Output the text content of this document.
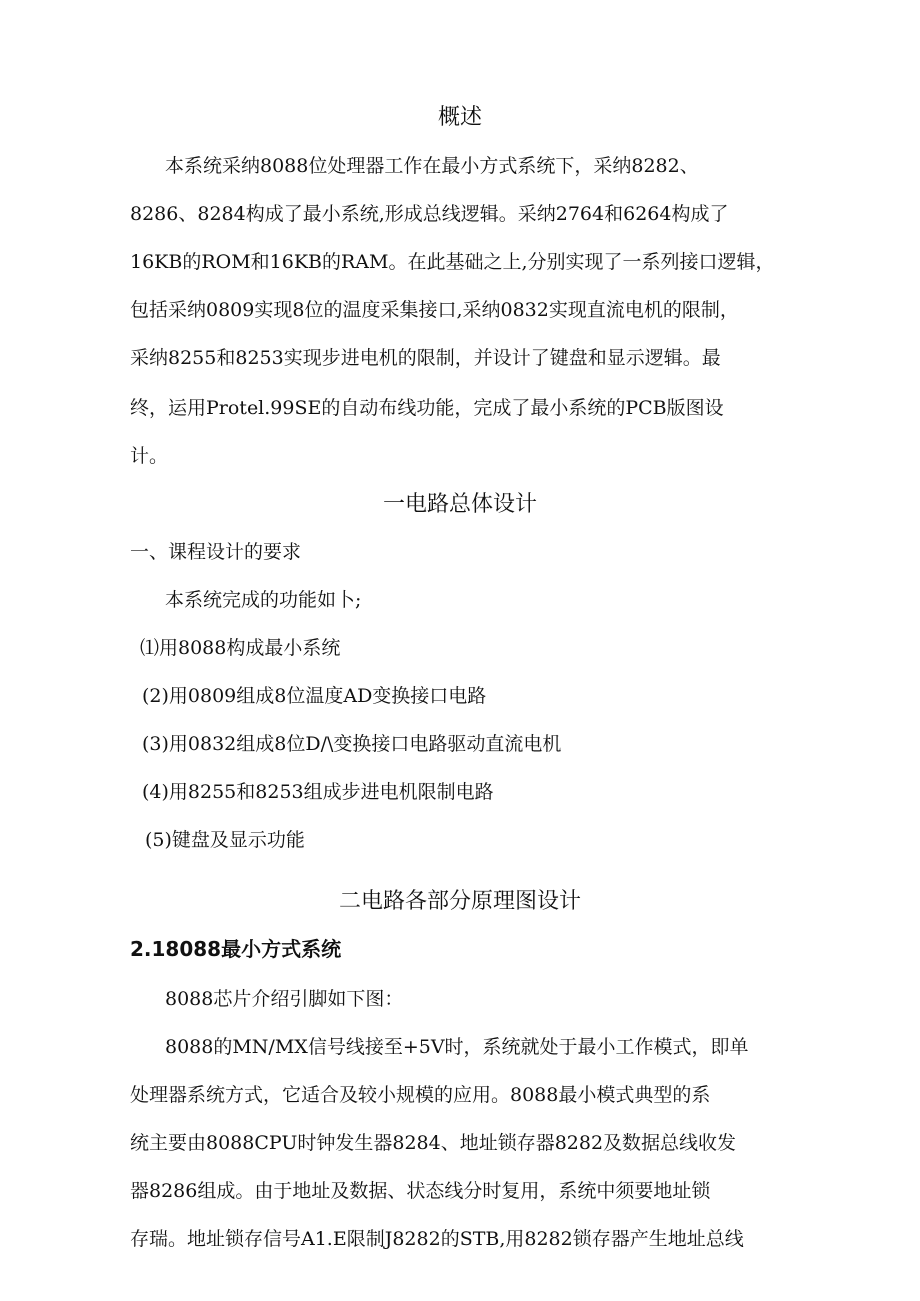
概述
本系统采纳8088位处理器工作在最小方式系统下，采纳8282、
8286、8284构成了最小系统,形成总线逻辑。采纳2764和6264构成了
16KB的ROM和16KB的RAM。在此基础之上,分别实现了一系列接口逻辑，
包括采纳0809实现8位的温度采集接口,采纳0832实现直流电机的限制，
采纳8255和8253实现步进电机的限制，并设计了键盘和显示逻辑。最
终，运用Protel.99SE的自动布线功能，完成了最小系统的PCB版图设
计。
一电路总体设计
一、课程设计的要求
本系统完成的功能如卜;
⑴用8088构成最小系统
(2)用0809组成8位温度AD变换接口电路
(3)用0832组成8位D/\变换接口电路驱动直流电机
(4)用8255和8253组成步进电机限制电路
(5)键盘及显示功能
二电路各部分原理图设计
2.18088最小方式系统
8088芯片介绍引脚如下图：
8088的MN/MX信号线接至+5V时，系统就处于最小工作模式，即单
处理器系统方式，它适合及较小规模的应用。8088最小模式典型的系
统主要由8088CPU时钟发生器8284、地址锁存器8282及数据总线收发
器8286组成。由于地址及数据、状态线分时复用，系统中须要地址锁
存瑞。地址锁存信号A1.E限制J8282的STB,用8282锁存器产生地址总线
